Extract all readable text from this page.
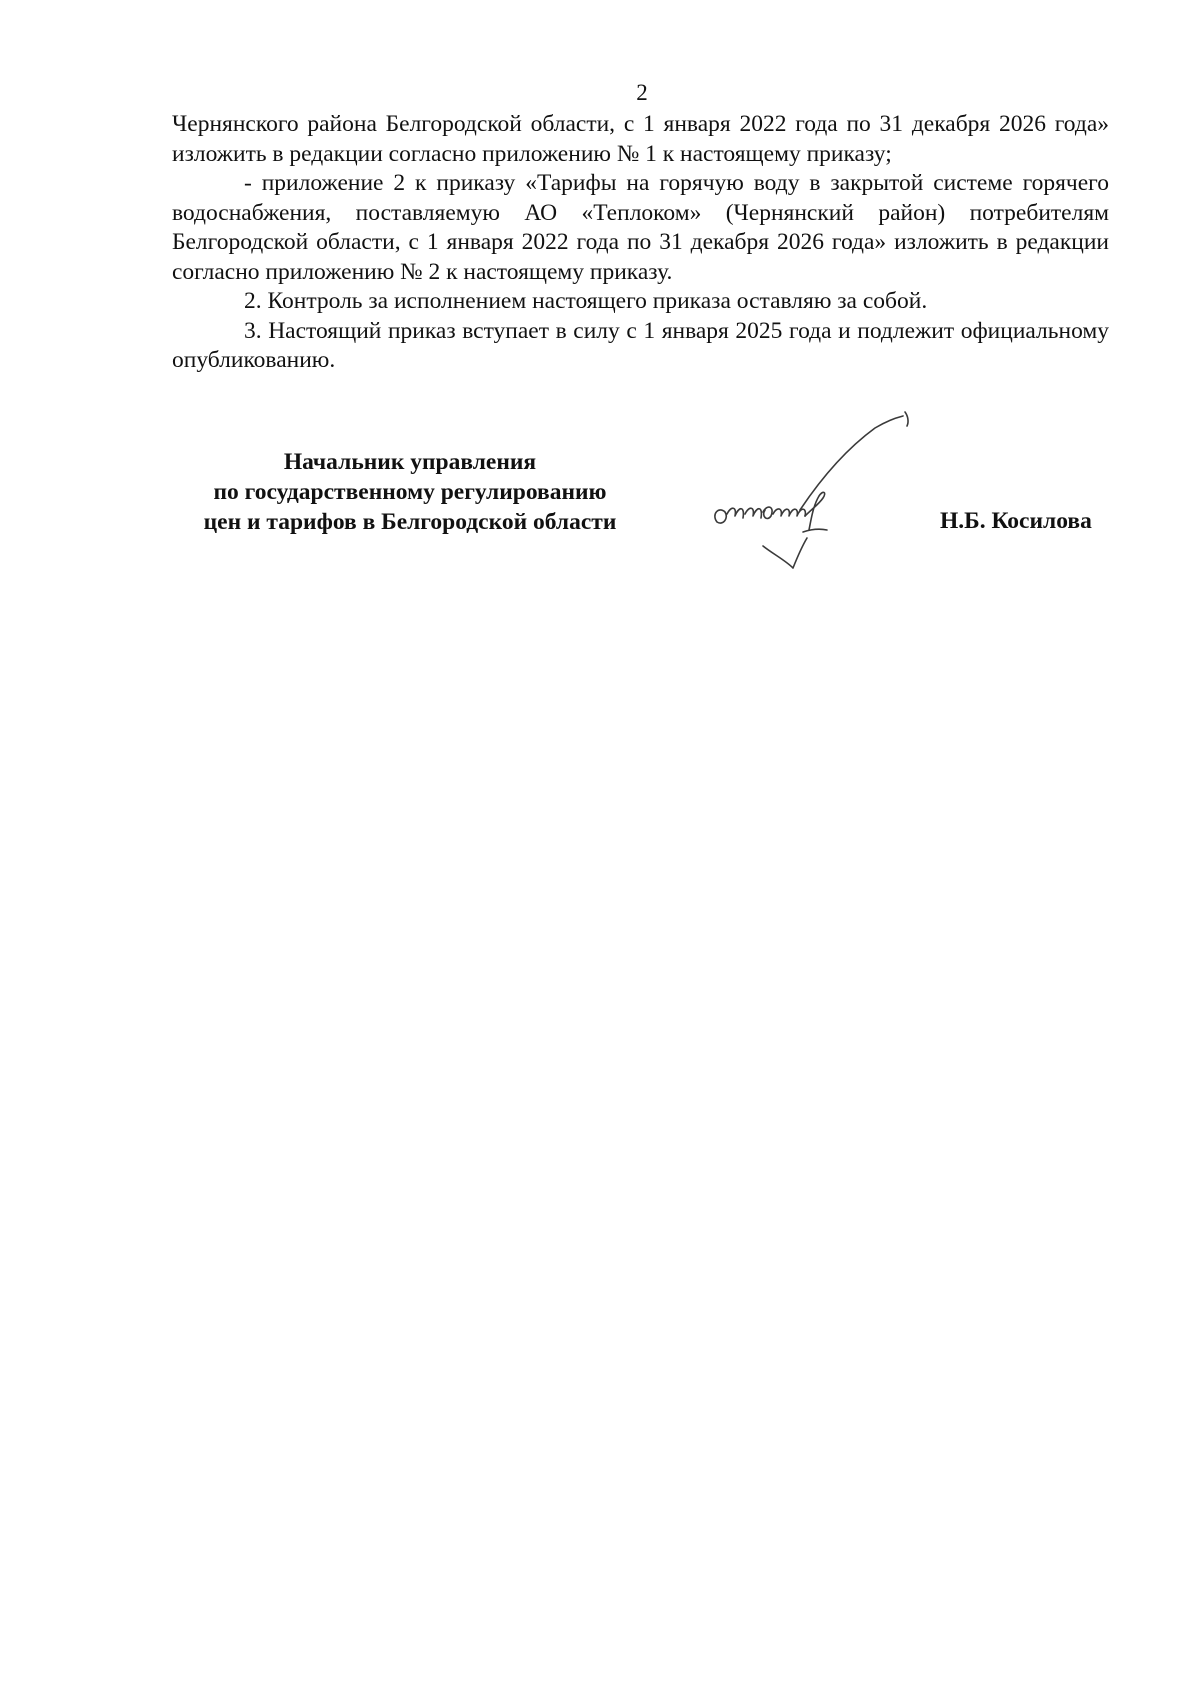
2

Чернянского района Белгородской области, с 1 января 2022 года по 31 декабря 2026 года» изложить в редакции согласно приложению № 1 к настоящему приказу;

- приложение 2 к приказу «Тарифы на горячую воду в закрытой системе горячего водоснабжения, поставляемую АО «Теплоком» (Чернянский район) потребителям Белгородской области, с 1 января 2022 года по 31 декабря 2026 года» изложить в редакции согласно приложению № 2 к настоящему приказу.

2. Контроль за исполнением настоящего приказа оставляю за собой.

3. Настоящий приказ вступает в силу с 1 января 2025 года и подлежит официальному опубликованию.

Начальник управления
по государственному регулированию
цен и тарифов в Белгородской области	Н.Б. Косилова
